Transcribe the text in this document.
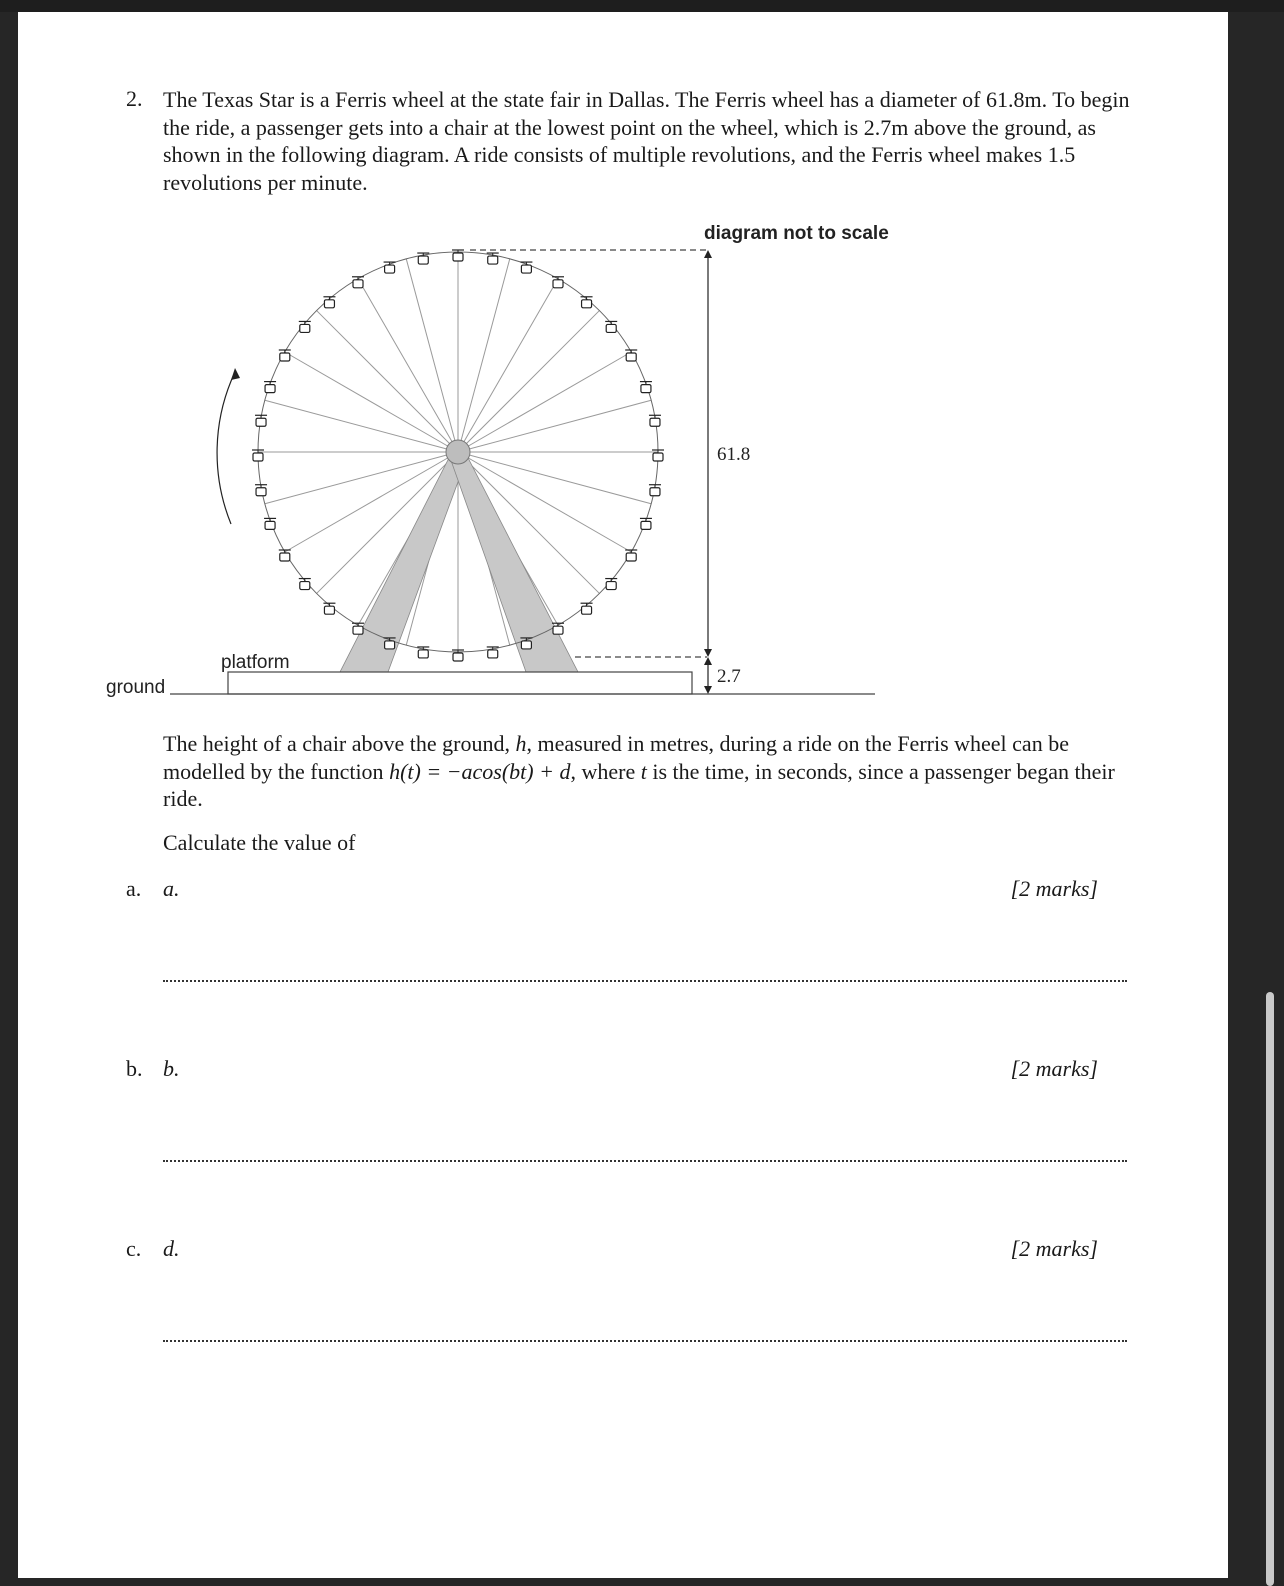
2. The Texas Star is a Ferris wheel at the state fair in Dallas. The Ferris wheel has a diameter of 61.8m. To begin the ride, a passenger gets into a chair at the lowest point on the wheel, which is 2.7m above the ground, as shown in the following diagram. A ride consists of multiple revolutions, and the Ferris wheel makes 1.5 revolutions per minute.
diagram not to scale
61.8
2.7
platform
ground
The height of a chair above the ground, h, measured in metres, during a ride on the Ferris wheel can be modelled by the function h(t) = −acos(bt) + d, where t is the time, in seconds, since a passenger began their ride.
Calculate the value of
a. a.	[2 marks]
b. b.	[2 marks]
c. d.	[2 marks]
